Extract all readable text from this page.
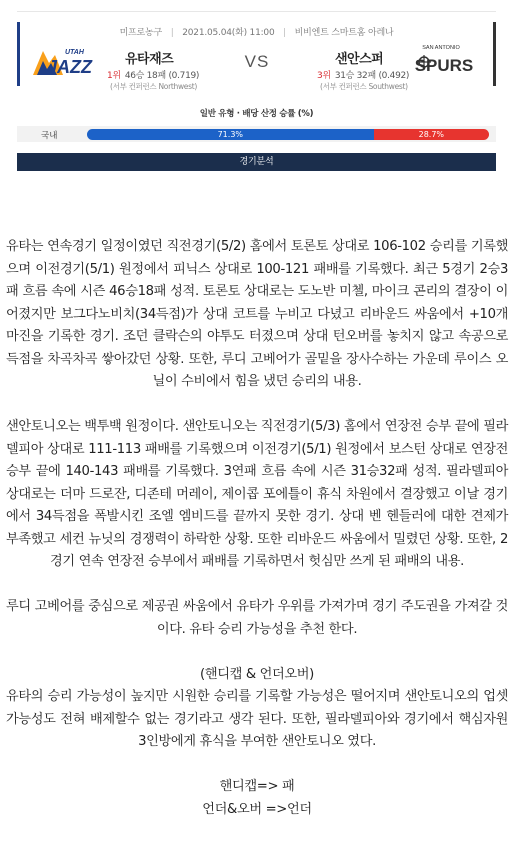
미프로농구 | 2021.05.04(화) 11:00 | 비비엔트 스마트홈 아레나
UTAH
JAZZ	유타재즈
1위 46승 18패 (0.719)
(서부 컨퍼런스 Northwest)
VS	샌안스퍼
3위 31승 32패 (0.492)
(서부 컨퍼런스 Southwest)
SAN ANTONIO
SPURS
일반 유형 · 배당 산정 승률 (%)
국내	71.3%	28.7%
경기분석

유타는 연속경기 일정이였던 직전경기(5/2) 홈에서 토론토 상대로 106-102 승리를 기록했으며 이전경기(5/1) 원정에서 피닉스 상대로 100-121 패배를 기록했다. 최근 5경기 2승3패 흐름 속에 시즌 46승18패 성적. 토론토 상대로는 도노반 미첼, 마이크 콘리의 결장이 이어졌지만 보그다노비치(34득점)가 상대 코트를 누비고 다녔고 리바운드 싸움에서 +10개 마진을 기록한 경기. 조던 클락슨의 야투도 터졌으며 상대 턴오버를 놓치지 않고 속공으로 득점을 차곡차곡 쌓아갔던 상황. 또한, 루디 고베어가 골밑을 장사수하는 가운데 루이스 오닐이 수비에서 힘을 냈던 승리의 내용.

샌안토니오는 백투백 원정이다. 샌안토니오는 직전경기(5/3) 홈에서 연장전 승부 끝에 필라델피아 상대로 111-113 패배를 기록했으며 이전경기(5/1) 원정에서 보스턴 상대로 연장전 승부 끝에 140-143 패배를 기록했다. 3연패 흐름 속에 시즌 31승32패 성적. 필라델피아 상대로는 더마 드로잔, 디존테 머레이, 제이콥 포에틀이 휴식 차원에서 결장했고 이날 경기에서 34득점을 폭발시킨 조엘 엠비드를 끝까지 못한 경기. 상대 벤 헨들러에 대한 견제가 부족했고 세컨 뉴닛의 경쟁력이 하락한 상황. 또한 리바운드 싸움에서 밀렸던 상황. 또한, 2경기 연속 연장전 승부에서 패배를 기록하면서 헛심만 쓰게 된 패배의 내용.

루디 고베어를 중심으로 제공권 싸움에서 유타가 우위를 가져가며 경기 주도권을 가져갈 것이다. 유타 승리 가능성을 추천 한다.

(핸디캡 & 언더오버)

유타의 승리 가능성이 높지만 시원한 승리를 기록할 가능성은 떨어지며 샌안토니오의 업셋 가능성도 전혀 배제할수 없는 경기라고 생각 된다. 또한, 필라델피아와 경기에서 핵심자원 3인방에게 휴식을 부여한 샌안토니오 였다.

핸디캡=> 패

언더&오버 =>언더
